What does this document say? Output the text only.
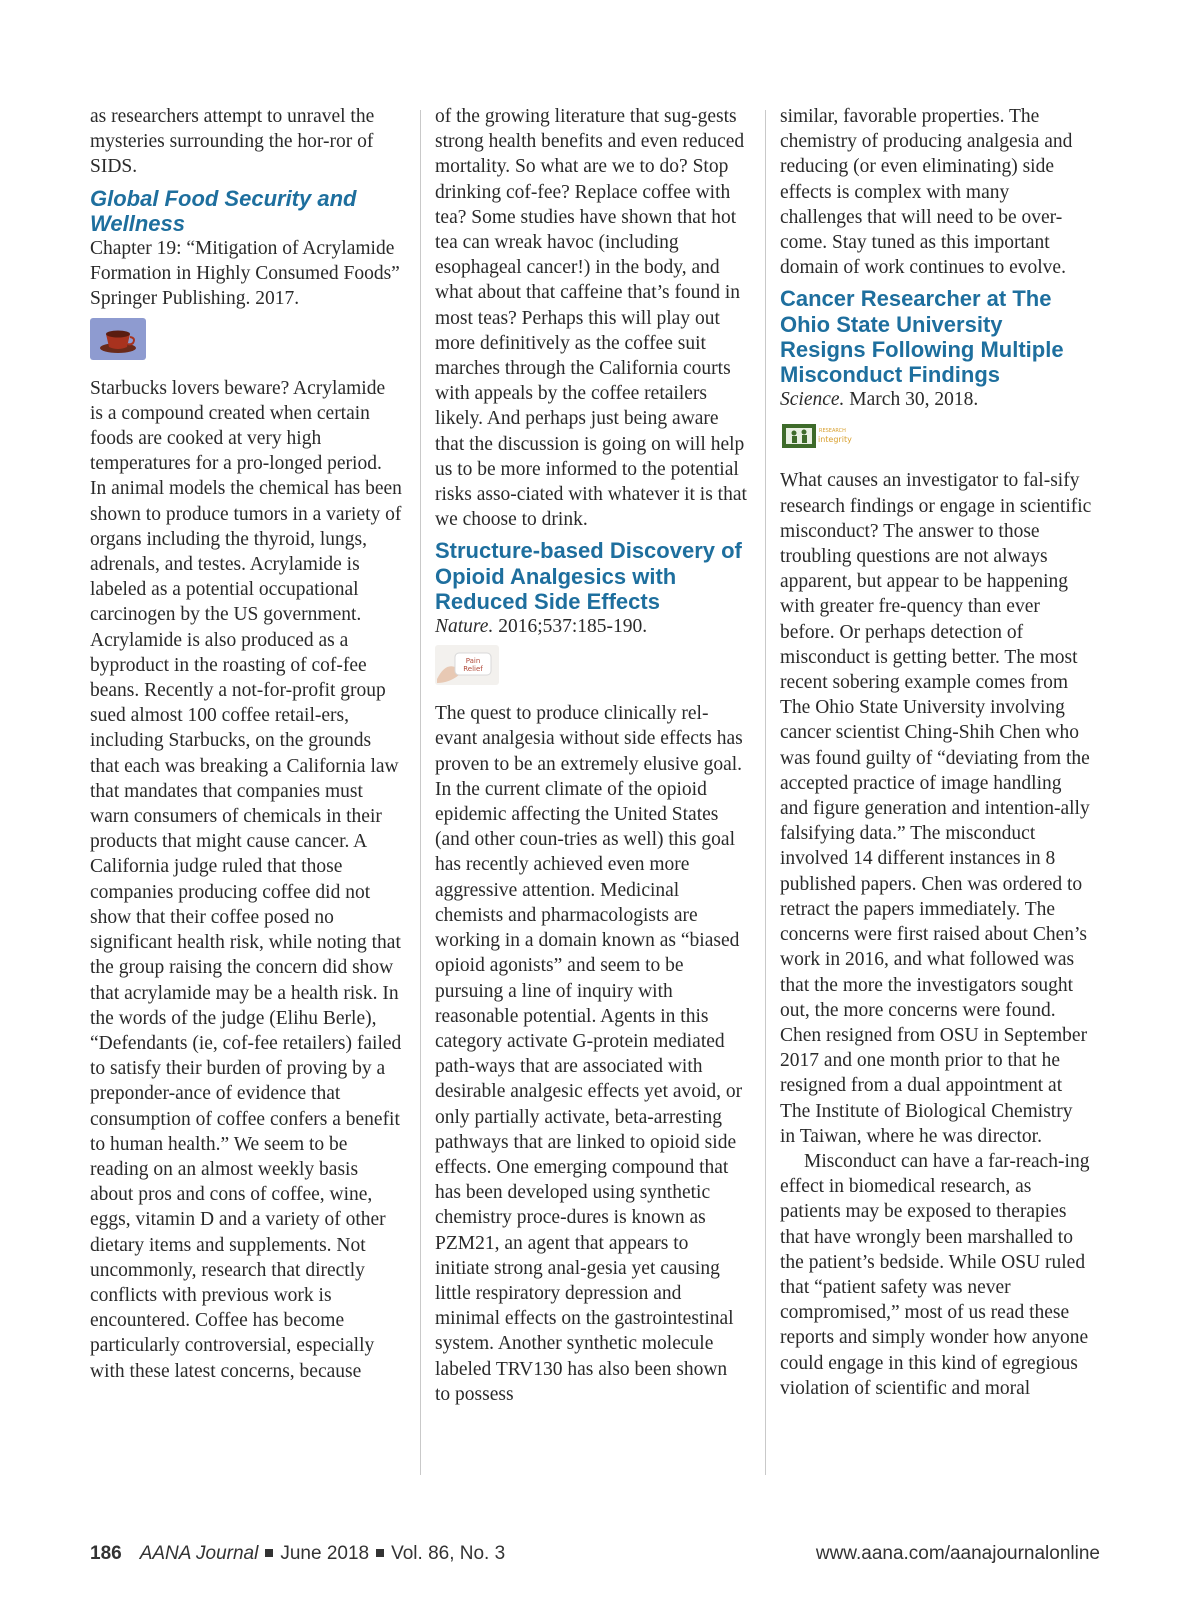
as researchers attempt to unravel the mysteries surrounding the hor-ror of SIDS.

Global Food Security and Wellness

Chapter 19: “Mitigation of Acrylamide Formation in Highly Consumed Foods”

Springer Publishing. 2017.

Starbucks lovers beware? Acrylamide is a compound created when certain foods are cooked at very high temperatures for a pro-longed period. In animal models the chemical has been shown to produce tumors in a variety of organs including the thyroid, lungs, adrenals, and testes. Acrylamide is labeled as a potential occupational carcinogen by the US government. Acrylamide is also produced as a byproduct in the roasting of cof-fee beans. Recently a not-for-profit group sued almost 100 coffee retail-ers, including Starbucks, on the grounds that each was breaking a California law that mandates that companies must warn consumers of chemicals in their products that might cause cancer. A California judge ruled that those companies producing coffee did not show that their coffee posed no significant health risk, while noting that the group raising the concern did show that acrylamide may be a health risk. In the words of the judge (Elihu Berle), “Defendants (ie, cof-fee retailers) failed to satisfy their burden of proving by a preponder-ance of evidence that consumption of coffee confers a benefit to human health.” We seem to be reading on an almost weekly basis about pros and cons of coffee, wine, eggs, vitamin D and a variety of other dietary items and supplements. Not uncommonly, research that directly conflicts with previous work is encountered. Coffee has become particularly controversial, especially with these latest concerns, because

of the growing literature that sug-gests strong health benefits and even reduced mortality. So what are we to do? Stop drinking cof-fee? Replace coffee with tea? Some studies have shown that hot tea can wreak havoc (including esophageal cancer!) in the body, and what about that caffeine that’s found in most teas? Perhaps this will play out more definitively as the coffee suit marches through the California courts with appeals by the coffee retailers likely. And perhaps just being aware that the discussion is going on will help us to be more informed to the potential risks asso-ciated with whatever it is that we choose to drink.

Structure-based Discovery of Opioid Analgesics with Reduced Side Effects

Nature. 2016;537:185-190.

Pain
Relief

The quest to produce clinically rel-evant analgesia without side effects has proven to be an extremely elusive goal. In the current climate of the opioid epidemic affecting the United States (and other coun-tries as well) this goal has recently achieved even more aggressive attention. Medicinal chemists and pharmacologists are working in a domain known as “biased opioid agonists” and seem to be pursuing a line of inquiry with reasonable potential. Agents in this category activate G-protein mediated path-ways that are associated with desirable analgesic effects yet avoid, or only partially activate, beta-arresting pathways that are linked to opioid side effects. One emerging compound that has been developed using synthetic chemistry proce-dures is known as PZM21, an agent that appears to initiate strong anal-gesia yet causing little respiratory depression and minimal effects on the gastrointestinal system. Another synthetic molecule labeled TRV130 has also been shown to possess

similar, favorable properties. The chemistry of producing analgesia and reducing (or even eliminating) side effects is complex with many challenges that will need to be over-come. Stay tuned as this important domain of work continues to evolve.

Cancer Researcher at The Ohio State University Resigns Following Multiple Misconduct Findings

Science. March 30, 2018.

RESEARCH
integrity

What causes an investigator to fal-sify research findings or engage in scientific misconduct? The answer to those troubling questions are not always apparent, but appear to be happening with greater fre-quency than ever before. Or perhaps detection of misconduct is getting better. The most recent sobering example comes from The Ohio State University involving cancer scientist Ching-Shih Chen who was found guilty of “deviating from the accepted practice of image handling and figure generation and intention-ally falsifying data.” The misconduct involved 14 different instances in 8 published papers. Chen was ordered to retract the papers immediately. The concerns were first raised about Chen’s work in 2016, and what followed was that the more the investigators sought out, the more concerns were found. Chen resigned from OSU in September 2017 and one month prior to that he resigned from a dual appointment at The Institute of Biological Chemistry in Taiwan, where he was director.

Misconduct can have a far-reach-ing effect in biomedical research, as patients may be exposed to therapies that have wrongly been marshalled to the patient’s bedside. While OSU ruled that “patient safety was never compromised,” most of us read these reports and simply wonder how anyone could engage in this kind of egregious violation of scientific and moral

186 AANA Journal June 2018 Vol. 86, No. 3	www.aana.com/aanajournalonline
